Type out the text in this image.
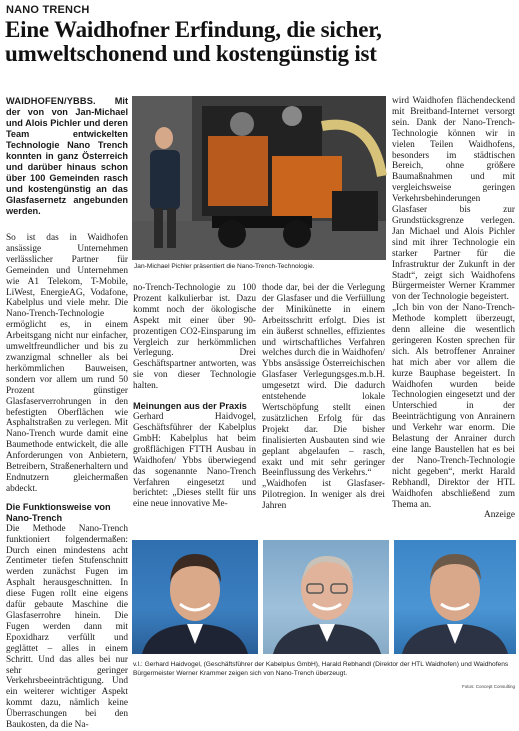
NANO TRENCH
Eine Waidhofner Erfindung, die sicher,
umweltschonend und kostengünstig ist

WAIDHOFEN/YBBS. Mit der von von Jan-Michael und Alois Pichler und deren Team entwickelten Technologie Nano Trench konnten in ganz Österreich und darüber hinaus schon über 100 Gemeinden rasch und kostengünstig an das Glasfasernetz angebunden werden.

So ist das in Waidhofen ansässige Unternehmen verlässlicher Partner für Gemeinden und Unternehmen wie A1 Telekom, T-Mobile, LiWest, EnergieAG, Vodafone, Kabelplus und viele mehr. Die Nano-Trench-Technologie ermöglicht es, in einem Arbeitsgang nicht nur einfacher, umweltfreundlicher und bis zu zwanzigmal schneller als bei herkömmlichen Bauweisen, sondern vor allem um rund 50 Prozent günstiger Glasfaserverrohrungen in den befestigten Oberflächen wie Asphaltstraßen zu verlegen. Mit Nano-Trench wurde damit eine Baumethode entwickelt, die alle Anforderungen von Anbietern, Betreibern, Straßenerhaltern und Endnutzern gleichermaßen abdeckt.

Die Funktionsweise von Nano-Trench

Die Methode Nano-Trench funktioniert folgendermaßen: Durch einen mindestens acht Zentimeter tiefen Stufenschnitt werden zunächst Fugen im Asphalt herausgeschnitten. In diese Fugen rollt eine eigens dafür gebaute Maschine die Glasfaserrohre hinein. Die Fugen werden dann mit Epoxidharz verfüllt und geglättet – alles in einem Schritt. Und das alles bei nur sehr geringer Verkehrsbeeinträchtigung. Und ein weiterer wichtiger Aspekt kommt dazu, nämlich keine Überraschungen bei den Baukosten, da die Na-

Jan-Michael Pichler präsentiert die Nano-Trench-Technologie.

no-Trench-Technologie zu 100 Prozent kalkulierbar ist. Dazu kommt noch der ökologische Aspekt mit einer über 90-prozentigen CO2-Einsparung im Vergleich zur herkömmlichen Verlegung. Drei Geschäftspartner antworten, was sie von dieser Technologie halten.

Meinungen aus der Praxis

Gerhard Haidvogel, Geschäftsführer der Kabelplus GmbH: Kabelplus hat beim großflächigen FTTH Ausbau in Waidhofen/ Ybbs überwiegend das sogenannte Nano-Trench Verfahren eingesetzt und berichtet: „Dieses stellt für uns eine neue innovative Me-

thode dar, bei der die Verlegung der Glasfaser und die Verfüllung der Minikünette in einem Arbeitsschritt erfolgt. Dies ist ein äußerst schnelles, effizientes und wirtschaftliches Verfahren welches durch die in Waidhofen/ Ybbs ansässige Österreichischen Glasfaser Verlegungsges.m.b.H. umgesetzt wird. Die dadurch entstehende lokale Wertschöpfung stellt einen zusätzlichen Erfolg für das Projekt dar. Die bisher finalisierten Ausbauten sind wie geplant abgelaufen – rasch, exakt und mit sehr geringer Beeinflussung des Verkehrs.“

„Waidhofen ist Glasfaser-Pilotregion. In weniger als drei Jahren

wird Waidhofen flächendeckend mit Breitband-Internet versorgt sein. Dank der Nano-Trench-Technologie können wir in vielen Teilen Waidhofens, besonders im städtischen Bereich, ohne größere Baumaßnahmen und mit vergleichsweise geringen Verkehrsbehinderungen Glasfaser bis zur Grundstücksgrenze verlegen. Jan Michael und Alois Pichler sind mit ihrer Technologie ein starker Partner für die Infrastruktur der Zukunft in der Stadt“, zeigt sich Waidhofens Bürgermeister Werner Krammer von der Technologie begeistert.

„Ich bin von der Nano-Trench-Methode komplett überzeugt, denn alleine die wesentlich geringeren Kosten sprechen für sich. Als betroffener Anrainer hat mich aber vor allem die kurze Bauphase begeistert. In Waidhofen wurden beide Technologien eingesetzt und der Unterschied in der Beeinträchtigung von Anrainern und Verkehr war enorm. Die Belastung der Anrainer durch eine lange Baustellen hat es bei der Nano-Trench-Technologie nicht gegeben“, merkt Harald Rebhandl, Direktor der HTL Waidhofen abschließend zum Thema an.

Anzeige

v.l.: Gerhard Haidvogel, (Geschäftsführer der Kabelplus GmbH), Harald Rebhandl (Direktor der HTL Waidhofen) und Waidhofens Bürgermeister Werner Krammer zeigen sich von Nano-Trench überzeugt.
Fotos: Concept Consulting
